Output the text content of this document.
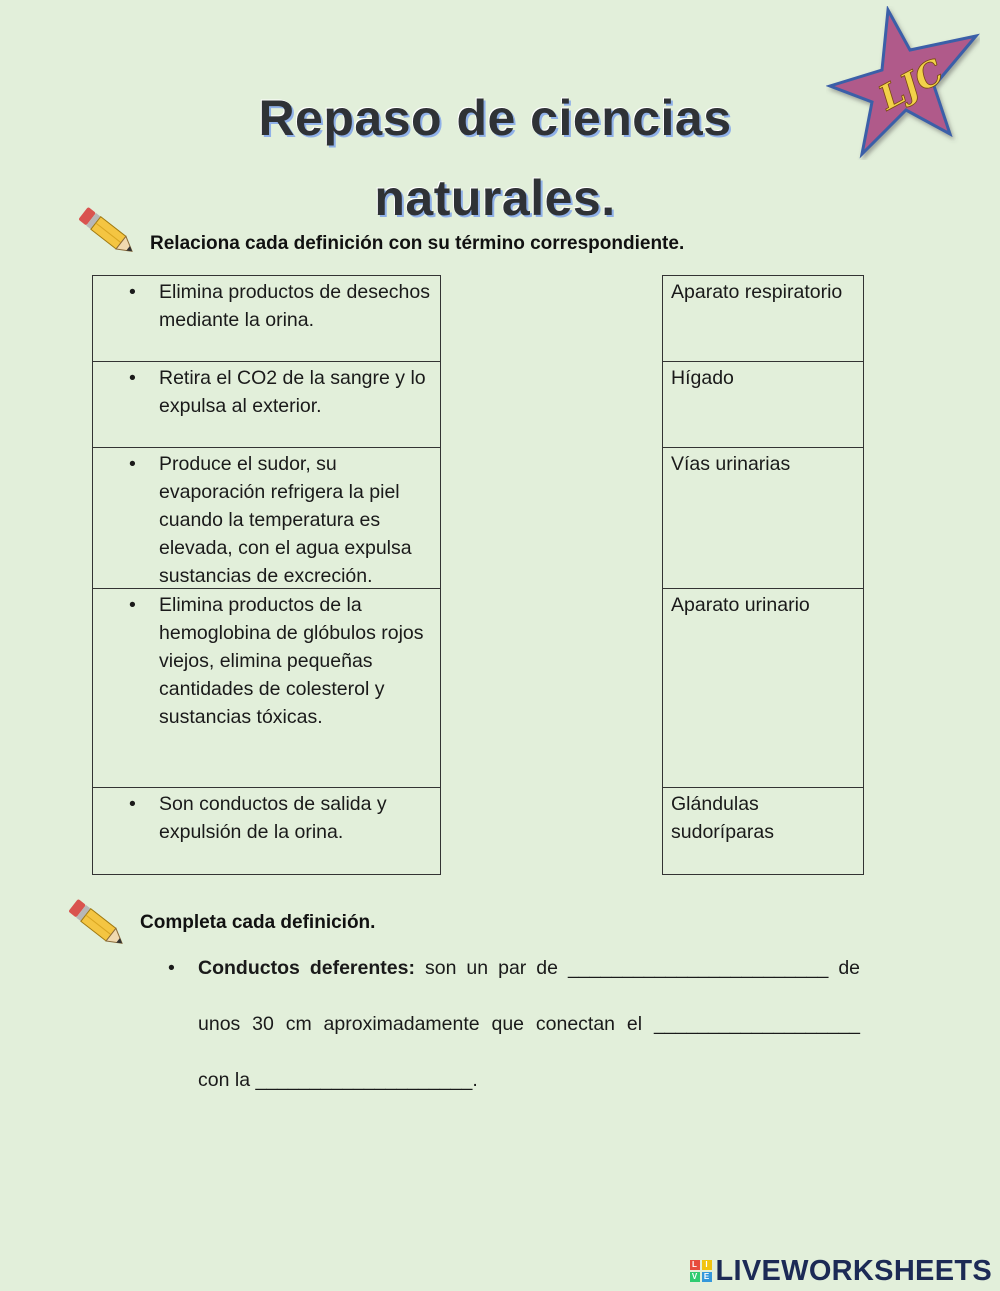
Repaso de ciencias
naturales.
LJC
Relaciona cada definición con su término correspondiente.
• Elimina productos de desechos mediante la orina.
• Retira el CO2 de la sangre y lo expulsa al exterior.
• Produce el sudor, su evaporación refrigera la piel cuando la temperatura es elevada, con el agua expulsa sustancias de excreción.
• Elimina productos de la hemoglobina de glóbulos rojos viejos, elimina pequeñas cantidades de colesterol y sustancias tóxicas.
• Son conductos de salida y expulsión de la orina.
Aparato respiratorio
Hígado
Vías urinarias
Aparato urinario
Glándulas sudoríparas
Completa cada definición.
• Conductos deferentes: son un par de ________________________ de
unos 30 cm aproximadamente que conectan el ___________________
con la ____________________.
L	I
V E LIVEWORKSHEETS
